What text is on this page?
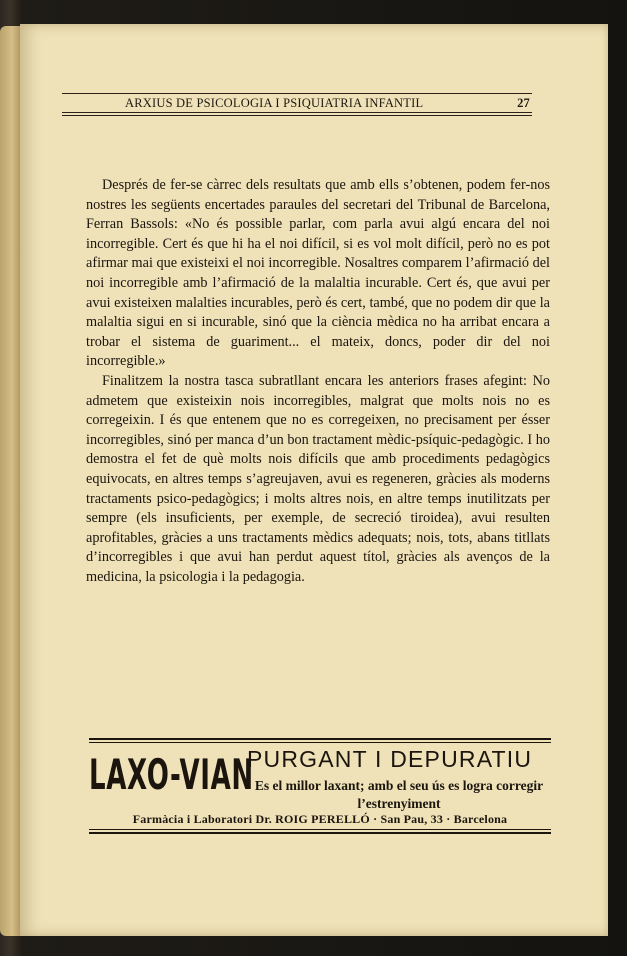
ARXIUS DE PSICOLOGIA I PSIQUIATRIA INFANTIL	27

Després de fer-se càrrec dels resultats que amb ells s’obtenen, podem fer-nos nostres les següents encertades paraules del secretari del Tribunal de Barcelona, Ferran Bassols: «No és possible parlar, com parla avui algú encara del noi incorregible. Cert és que hi ha el noi difícil, si es vol molt difícil, però no es pot afirmar mai que existeixi el noi incorregible. Nosaltres comparem l’afirmació del noi incorregible amb l’afirmació de la malaltia incurable. Cert és, que avui per avui existeixen malalties incurables, però és cert, també, que no podem dir que la malaltia sigui en si incurable, sinó que la ciència mèdica no ha arribat encara a trobar el sistema de guariment... el mateix, doncs, poder dir del noi incorregible.»

Finalitzem la nostra tasca subratllant encara les anteriors frases afegint: No admetem que existeixin nois incorregibles, malgrat que molts nois no es corregeixin. I és que entenem que no es corregeixen, no precisament per ésser incorregibles, sinó per manca d’un bon tractament mèdic-psíquic-pedagògic. I ho demostra el fet de què molts nois difícils que amb procediments pedagògics equivocats, en altres temps s’agreujaven, avui es regeneren, gràcies als moderns tractaments psico-pedagògics; i molts altres nois, en altre temps inutilitzats per sempre (els insuficients, per exemple, de secreció tiroidea), avui resulten aprofitables, gràcies a uns tractaments mèdics adequats; nois, tots, abans titllats d’incorregibles i que avui han perdut aquest títol, gràcies als avenços de la medicina, la psicologia i la pedagogia.

LAXO-VIAN
PURGANT I DEPURATIU
Es el millor laxant; amb el seu ús es logra corregir l’estrenyiment
Farmàcia i Laboratori Dr. ROIG PERELLÓ · San Pau, 33 · Barcelona
